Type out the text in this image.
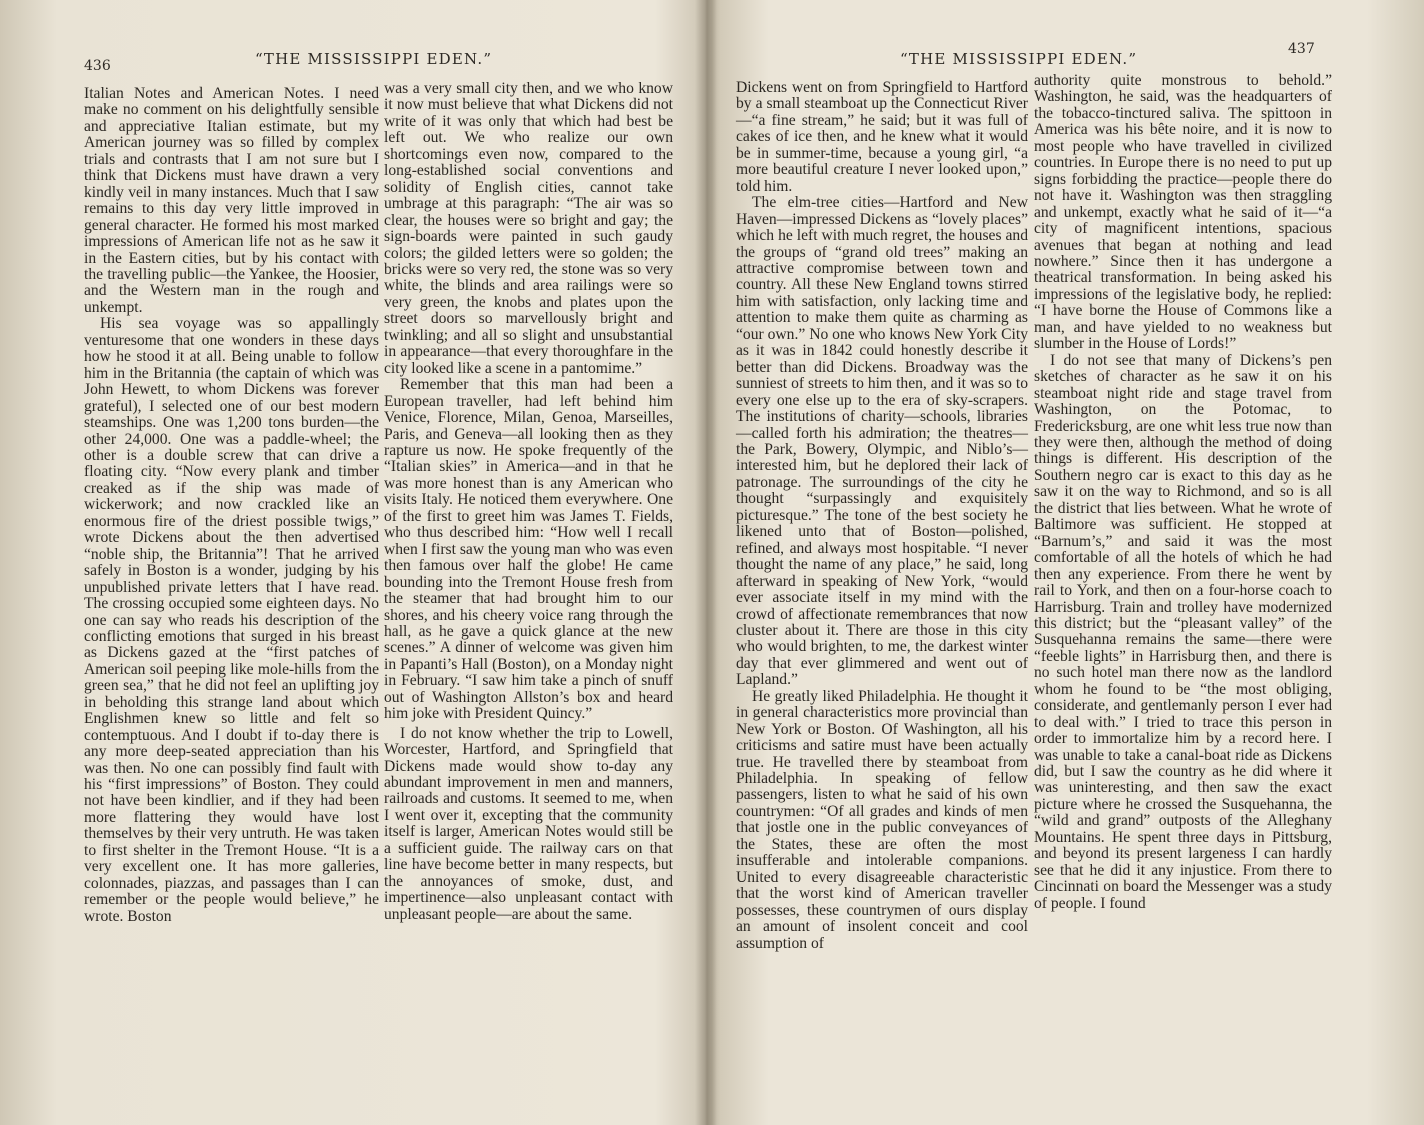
436	“THE MISSISSIPPI EDEN.”

Italian Notes and American Notes. I need make no comment on his delightfully sensible and appreciative Italian estimate, but my American journey was so filled by complex trials and contrasts that I am not sure but I think that Dickens must have drawn a very kindly veil in many instances. Much that I saw remains to this day very little improved in general character. He formed his most marked impressions of American life not as he saw it in the Eastern cities, but by his contact with the travelling public—the Yankee, the Hoosier, and the Western man in the rough and unkempt.

His sea voyage was so appallingly venturesome that one wonders in these days how he stood it at all. Being unable to follow him in the Britannia (the captain of which was John Hewett, to whom Dickens was forever grateful), I selected one of our best modern steamships. One was 1,200 tons burden—the other 24,000. One was a paddle-wheel; the other is a double screw that can drive a floating city. “Now every plank and timber creaked as if the ship was made of wickerwork; and now crackled like an enormous fire of the driest possible twigs,” wrote Dickens about the then advertised “noble ship, the Britannia”! That he arrived safely in Boston is a wonder, judging by his unpublished private letters that I have read. The crossing occupied some eighteen days. No one can say who reads his description of the conflicting emotions that surged in his breast as Dickens gazed at the “first patches of American soil peeping like mole-hills from the green sea,” that he did not feel an uplifting joy in beholding this strange land about which Englishmen knew so little and felt so contemptuous. And I doubt if to-day there is any more deep-seated appreciation than his was then. No one can possibly find fault with his “first impressions” of Boston. They could not have been kindlier, and if they had been more flattering they would have lost themselves by their very untruth. He was taken to first shelter in the Tremont House. “It is a very excellent one. It has more galleries, colonnades, piazzas, and passages than I can remember or the people would believe,” he wrote. Boston

was a very small city then, and we who know it now must believe that what Dickens did not write of it was only that which had best be left out. We who realize our own shortcomings even now, compared to the long-established social conventions and solidity of English cities, cannot take umbrage at this paragraph: “The air was so clear, the houses were so bright and gay; the sign-boards were painted in such gaudy colors; the gilded letters were so golden; the bricks were so very red, the stone was so very white, the blinds and area railings were so very green, the knobs and plates upon the street doors so marvellously bright and twinkling; and all so slight and unsubstantial in appearance—that every thoroughfare in the city looked like a scene in a pantomime.”

Remember that this man had been a European traveller, had left behind him Venice, Florence, Milan, Genoa, Marseilles, Paris, and Geneva—all looking then as they rapture us now. He spoke frequently of the “Italian skies” in America—and in that he was more honest than is any American who visits Italy. He noticed them everywhere. One of the first to greet him was James T. Fields, who thus described him: “How well I recall when I first saw the young man who was even then famous over half the globe! He came bounding into the Tremont House fresh from the steamer that had brought him to our shores, and his cheery voice rang through the hall, as he gave a quick glance at the new scenes.” A dinner of welcome was given him in Papanti’s Hall (Boston), on a Monday night in February. “I saw him take a pinch of snuff out of Washington Allston’s box and heard him joke with President Quincy.”

I do not know whether the trip to Lowell, Worcester, Hartford, and Springfield that Dickens made would show to-day any abundant improvement in men and manners, railroads and customs. It seemed to me, when I went over it, excepting that the community itself is larger, American Notes would still be a sufficient guide. The railway cars on that line have become better in many respects, but the annoyances of smoke, dust, and impertinence—also unpleasant contact with unpleasant people—are about the same.

“THE MISSISSIPPI EDEN.”
437

Dickens went on from Springfield to Hartford by a small steamboat up the Connecticut River—“a fine stream,” he said; but it was full of cakes of ice then, and he knew what it would be in summer-time, because a young girl, “a more beautiful creature I never looked upon,” told him.

The elm-tree cities—Hartford and New Haven—impressed Dickens as “lovely places” which he left with much regret, the houses and the groups of “grand old trees” making an attractive compromise between town and country. All these New England towns stirred him with satisfaction, only lacking time and attention to make them quite as charming as “our own.” No one who knows New York City as it was in 1842 could honestly describe it better than did Dickens. Broadway was the sunniest of streets to him then, and it was so to every one else up to the era of sky-scrapers. The institutions of charity—schools, libraries—called forth his admiration; the theatres—the Park, Bowery, Olympic, and Niblo’s—interested him, but he deplored their lack of patronage. The surroundings of the city he thought “surpassingly and exquisitely picturesque.” The tone of the best society he likened unto that of Boston—polished, refined, and always most hospitable. “I never thought the name of any place,” he said, long afterward in speaking of New York, “would ever associate itself in my mind with the crowd of affectionate remembrances that now cluster about it. There are those in this city who would brighten, to me, the darkest winter day that ever glimmered and went out of Lapland.”

He greatly liked Philadelphia. He thought it in general characteristics more provincial than New York or Boston. Of Washington, all his criticisms and satire must have been actually true. He travelled there by steamboat from Philadelphia. In speaking of fellow passengers, listen to what he said of his own countrymen: “Of all grades and kinds of men that jostle one in the public conveyances of the States, these are often the most insufferable and intolerable companions. United to every disagreeable characteristic that the worst kind of American traveller possesses, these countrymen of ours display an amount of insolent conceit and cool assumption of

authority quite monstrous to behold.” Washington, he said, was the headquarters of the tobacco-tinctured saliva. The spittoon in America was his bête noire, and it is now to most people who have travelled in civilized countries. In Europe there is no need to put up signs forbidding the practice—people there do not have it. Washington was then straggling and unkempt, exactly what he said of it—“a city of magnificent intentions, spacious avenues that began at nothing and lead nowhere.” Since then it has undergone a theatrical transformation. In being asked his impressions of the legislative body, he replied: “I have borne the House of Commons like a man, and have yielded to no weakness but slumber in the House of Lords!”

I do not see that many of Dickens’s pen sketches of character as he saw it on his steamboat night ride and stage travel from Washington, on the Potomac, to Fredericksburg, are one whit less true now than they were then, although the method of doing things is different. His description of the Southern negro car is exact to this day as he saw it on the way to Richmond, and so is all the district that lies between. What he wrote of Baltimore was sufficient. He stopped at “Barnum’s,” and said it was the most comfortable of all the hotels of which he had then any experience. From there he went by rail to York, and then on a four-horse coach to Harrisburg. Train and trolley have modernized this district; but the “pleasant valley” of the Susquehanna remains the same—there were “feeble lights” in Harrisburg then, and there is no such hotel man there now as the landlord whom he found to be “the most obliging, considerate, and gentlemanly person I ever had to deal with.” I tried to trace this person in order to immortalize him by a record here. I was unable to take a canal-boat ride as Dickens did, but I saw the country as he did where it was uninteresting, and then saw the exact picture where he crossed the Susquehanna, the “wild and grand” outposts of the Alleghany Mountains. He spent three days in Pittsburg, and beyond its present largeness I can hardly see that he did it any injustice. From there to Cincinnati on board the Messenger was a study of people. I found
